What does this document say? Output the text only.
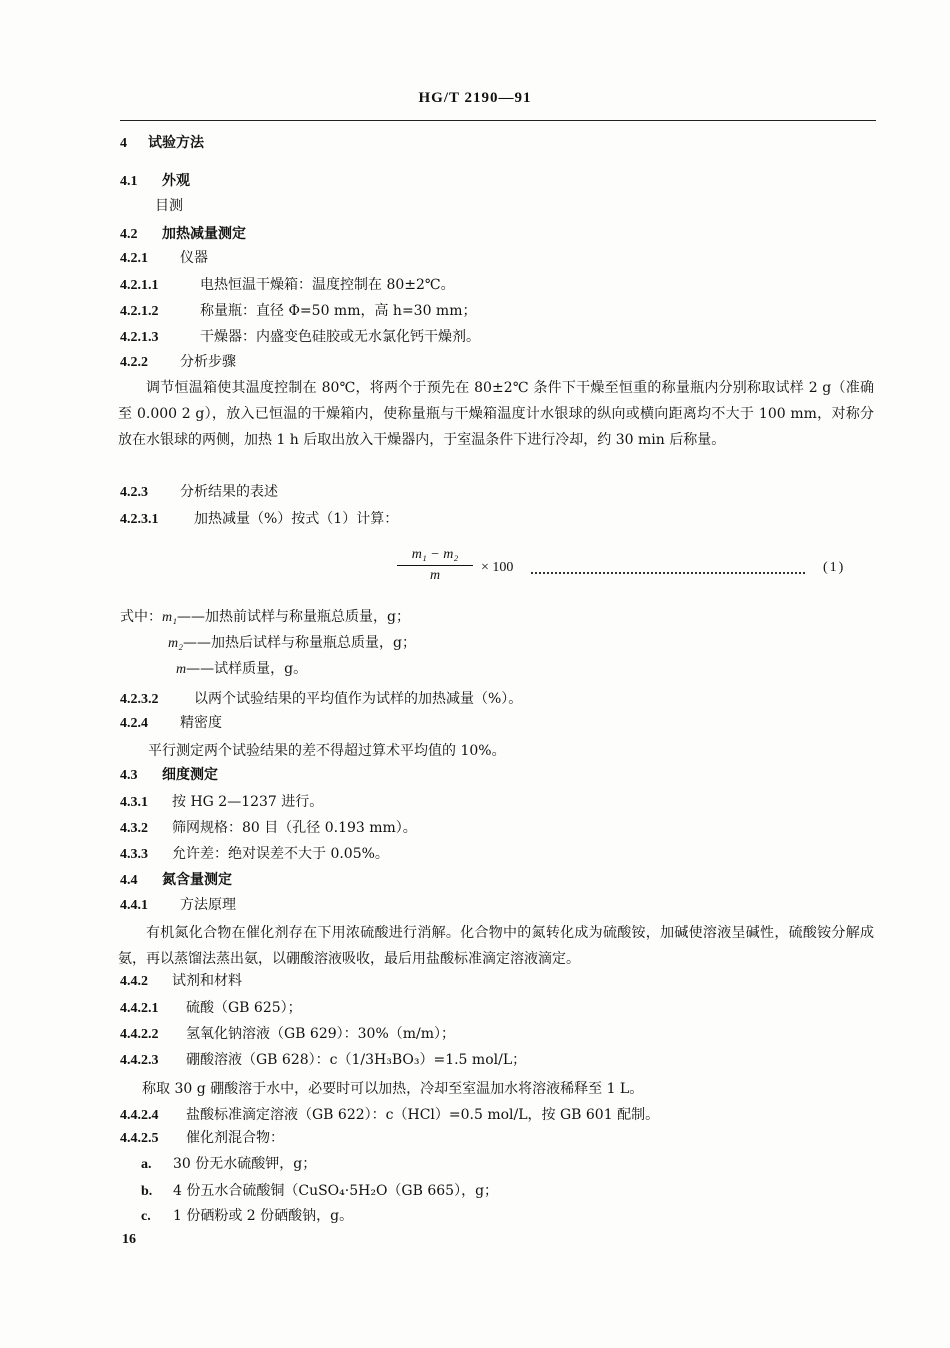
HG/T 2190—91
4 试验方法
4.1 外观
目测
4.2 加热减量测定
4.2.1 仪器
4.2.1.1	电热恒温干燥箱：温度控制在 80±2℃。
4.2.1.2	称量瓶：直径 Φ=50 mm，高 h=30 mm；
4.2.1.3	干燥器：内盛变色硅胶或无水氯化钙干燥剂。
4.2.2 分析步骤
调节恒温箱使其温度控制在 80℃，将两个于预先在 80±2℃ 条件下干燥至恒重的称量瓶内分别称取试样 2 g（准确至 0.000 2 g），放入已恒温的干燥箱内，使称量瓶与干燥箱温度计水银球的纵向或横向距离均不大于 100 mm，对称分放在水银球的两侧，加热 1 h 后取出放入干燥器内，于室温条件下进行冷却，约 30 min 后称量。
4.2.3 分析结果的表述
4.2.3.1	加热减量（%）按式（1）计算：
m₁ − m₂
m
× 100	(1)
式中：m₁——加热前试样与称量瓶总质量，g；
m₂——加热后试样与称量瓶总质量，g；
m——试样质量，g。
4.2.3.2	以两个试验结果的平均值作为试样的加热减量（%）。
4.2.4 精密度
平行测定两个试验结果的差不得超过算术平均值的 10%。
4.3 细度测定
4.3.1 按 HG 2—1237 进行。
4.3.2 筛网规格：80 目（孔径 0.193 mm）。
4.3.3 允许差：绝对误差不大于 0.05%。
4.4 氮含量测定
4.4.1 方法原理
有机氮化合物在催化剂存在下用浓硫酸进行消解。化合物中的氮转化成为硫酸铵，加碱使溶液呈碱性，硫酸铵分解成氨，再以蒸馏法蒸出氨，以硼酸溶液吸收，最后用盐酸标准滴定溶液滴定。
4.4.2 试剂和材料
4.4.2.1 硫酸（GB 625）；
4.4.2.2 氢氧化钠溶液（GB 629）：30%（m/m）；
4.4.2.3 硼酸溶液（GB 628）：c（1/3H₃BO₃）=1.5 mol/L；
称取 30 g 硼酸溶于水中，必要时可以加热，冷却至室温加水将溶液稀释至 1 L。
4.4.2.4 盐酸标准滴定溶液（GB 622）：c（HCl）=0.5 mol/L，按 GB 601 配制。
4.4.2.5 催化剂混合物：
a. 30 份无水硫酸钾，g；
b. 4 份五水合硫酸铜（CuSO₄·5H₂O（GB 665），g；
c. 1 份硒粉或 2 份硒酸钠，g。
16
